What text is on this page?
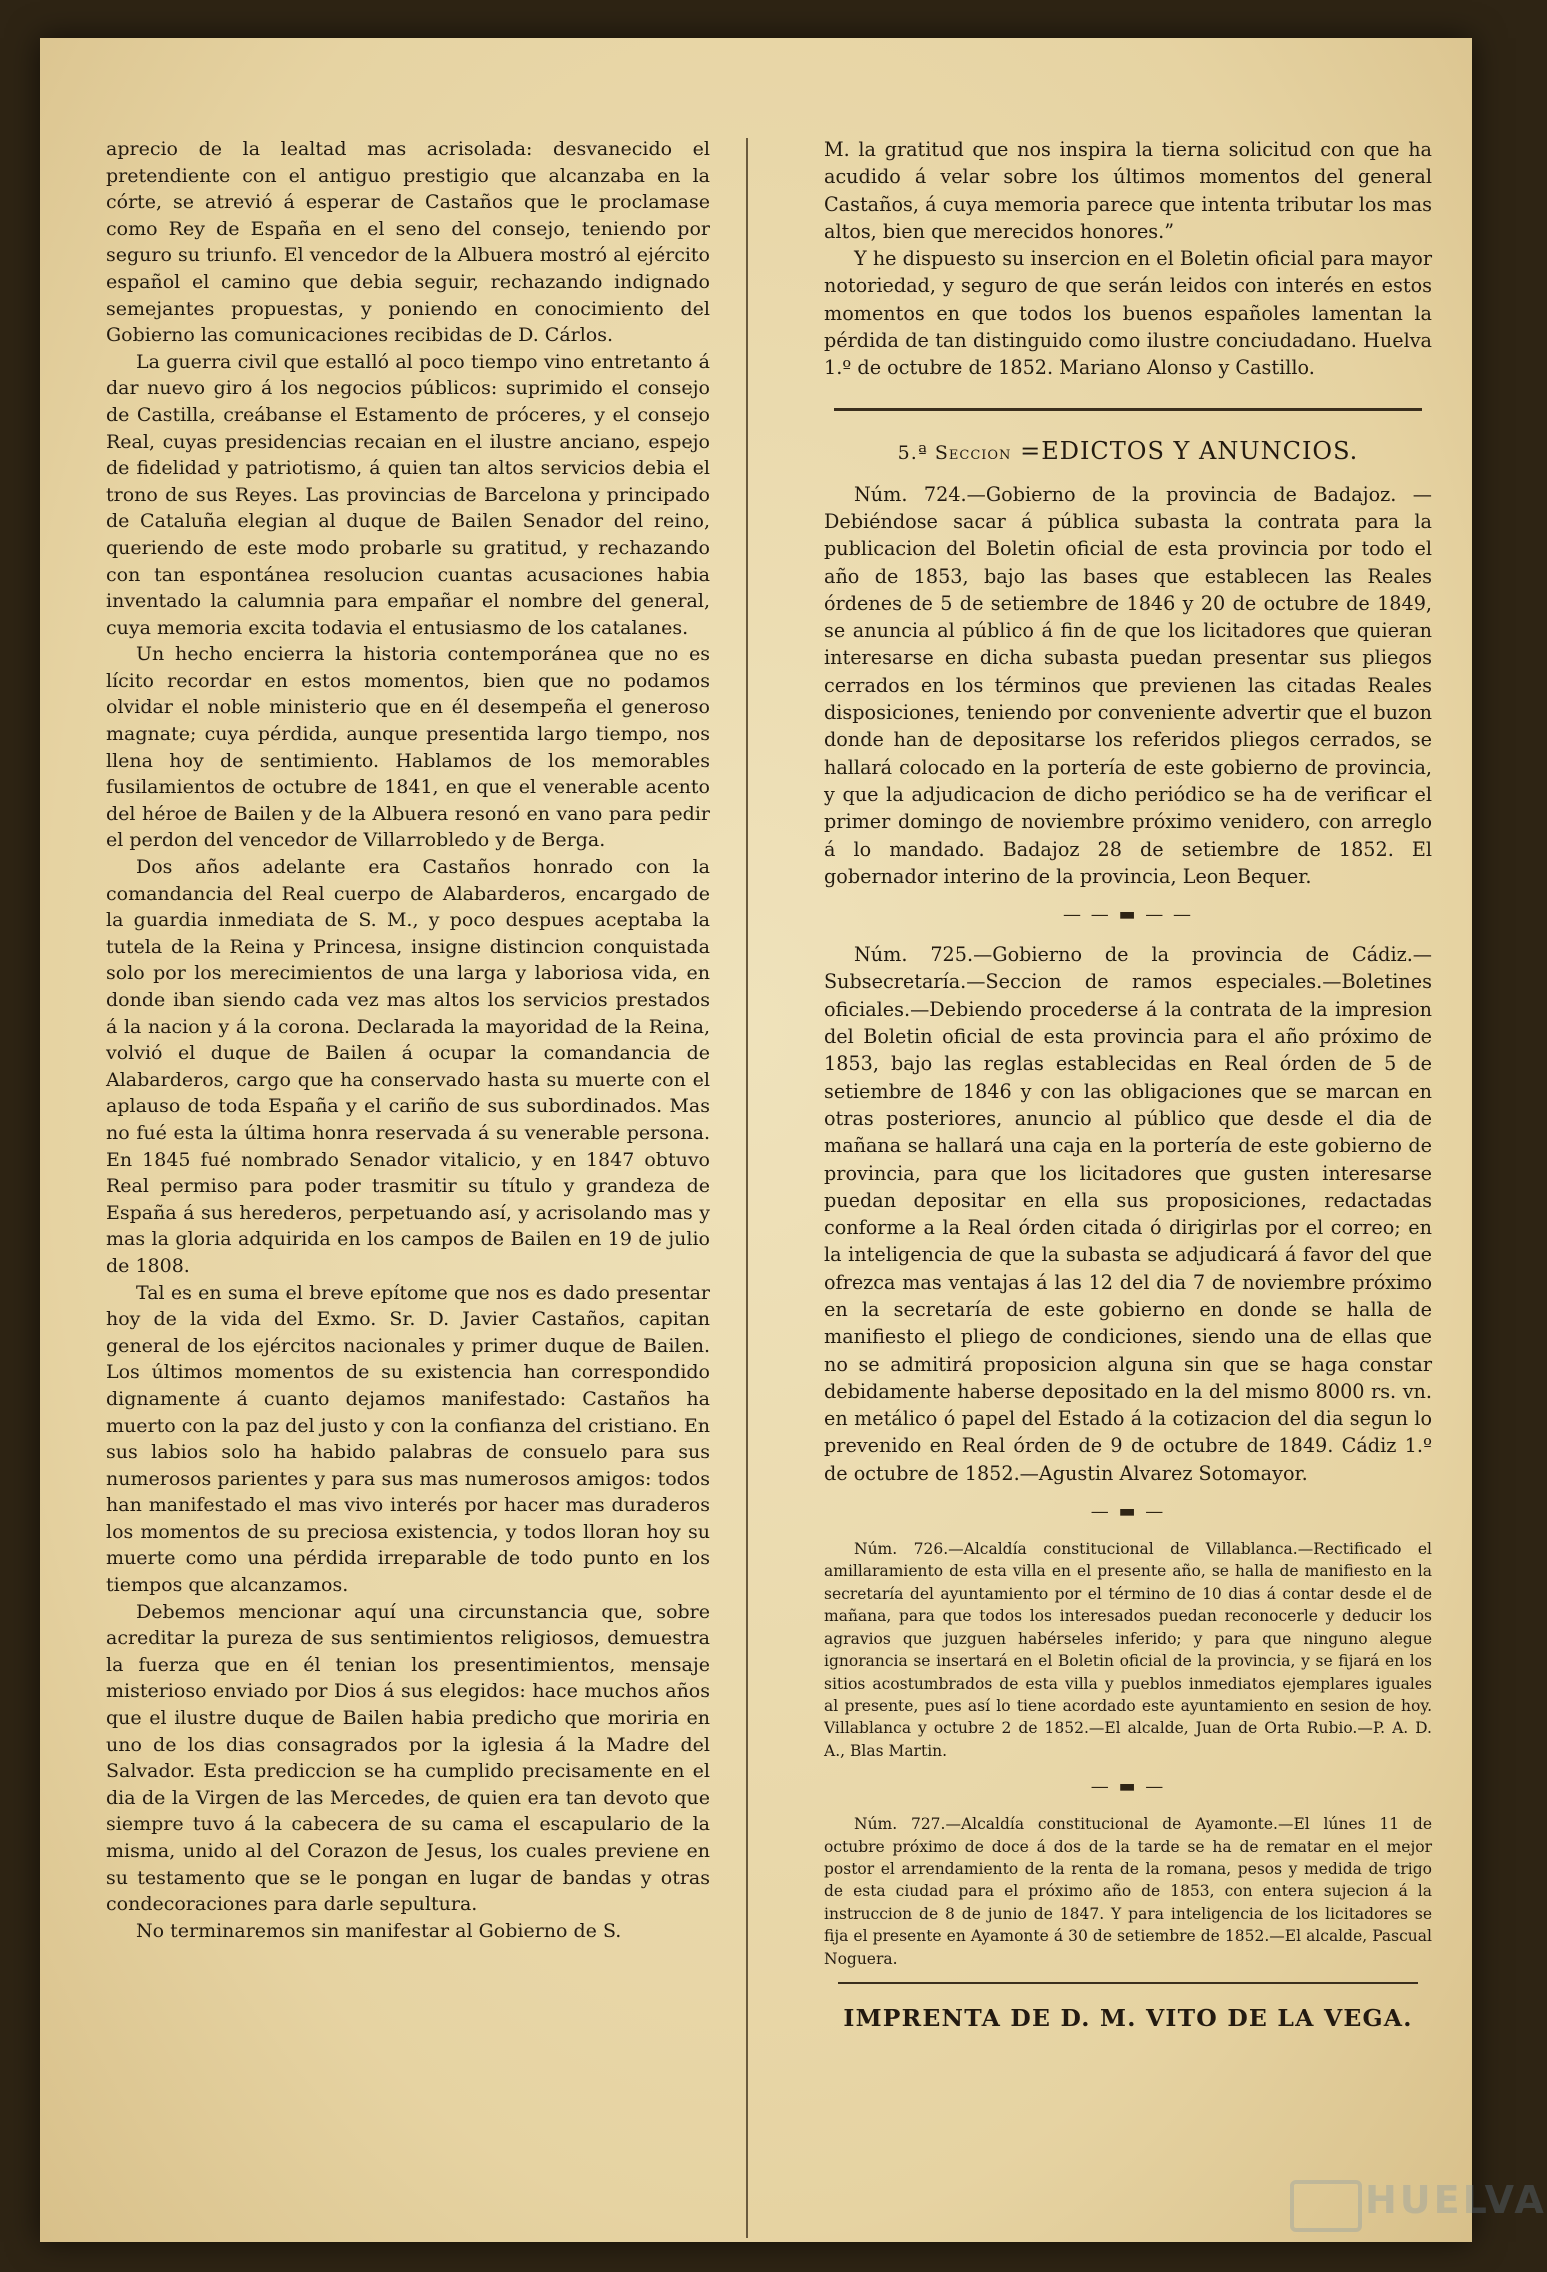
aprecio de la lealtad mas acrisolada: desvanecido el pretendiente con el antiguo prestigio que alcanzaba en la córte, se atrevió á esperar de Castaños que le proclamase como Rey de España en el seno del consejo, teniendo por seguro su triunfo. El vencedor de la Albuera mostró al ejército español el camino que debia seguir, rechazando indignado semejantes propuestas, y poniendo en conocimiento del Gobierno las comunicaciones recibidas de D. Cárlos.

La guerra civil que estalló al poco tiempo vino entretanto á dar nuevo giro á los negocios públicos: suprimido el consejo de Castilla, creábanse el Estamento de próceres, y el consejo Real, cuyas presidencias recaian en el ilustre anciano, espejo de fidelidad y patriotismo, á quien tan altos servicios debia el trono de sus Reyes. Las provincias de Barcelona y principado de Cataluña elegian al duque de Bailen Senador del reino, queriendo de este modo probarle su gratitud, y rechazando con tan espontánea resolucion cuantas acusaciones habia inventado la calumnia para empañar el nombre del general, cuya memoria excita todavia el entusiasmo de los catalanes.

Un hecho encierra la historia contemporánea que no es lícito recordar en estos momentos, bien que no podamos olvidar el noble ministerio que en él desempeña el generoso magnate; cuya pérdida, aunque presentida largo tiempo, nos llena hoy de sentimiento. Hablamos de los memorables fusilamientos de octubre de 1841, en que el venerable acento del héroe de Bailen y de la Albuera resonó en vano para pedir el perdon del vencedor de Villarrobledo y de Berga.

Dos años adelante era Castaños honrado con la comandancia del Real cuerpo de Alabarderos, encargado de la guardia inmediata de S. M., y poco despues aceptaba la tutela de la Reina y Princesa, insigne distincion conquistada solo por los merecimientos de una larga y laboriosa vida, en donde iban siendo cada vez mas altos los servicios prestados á la nacion y á la corona. Declarada la mayoridad de la Reina, volvió el duque de Bailen á ocupar la comandancia de Alabarderos, cargo que ha conservado hasta su muerte con el aplauso de toda España y el cariño de sus subordinados. Mas no fué esta la última honra reservada á su venerable persona. En 1845 fué nombrado Senador vitalicio, y en 1847 obtuvo Real permiso para poder trasmitir su título y grandeza de España á sus herederos, perpetuando así, y acrisolando mas y mas la gloria adquirida en los campos de Bailen en 19 de julio de 1808.

Tal es en suma el breve epítome que nos es dado presentar hoy de la vida del Exmo. Sr. D. Javier Castaños, capitan general de los ejércitos nacionales y primer duque de Bailen. Los últimos momentos de su existencia han correspondido dignamente á cuanto dejamos manifestado: Castaños ha muerto con la paz del justo y con la confianza del cristiano. En sus labios solo ha habido palabras de consuelo para sus numerosos parientes y para sus mas numerosos amigos: todos han manifestado el mas vivo interés por hacer mas duraderos los momentos de su preciosa existencia, y todos lloran hoy su muerte como una pérdida irreparable de todo punto en los tiempos que alcanzamos.

Debemos mencionar aquí una circunstancia que, sobre acreditar la pureza de sus sentimientos religiosos, demuestra la fuerza que en él tenian los presentimientos, mensaje misterioso enviado por Dios á sus elegidos: hace muchos años que el ilustre duque de Bailen habia predicho que moriria en uno de los dias consagrados por la iglesia á la Madre del Salvador. Esta prediccion se ha cumplido precisamente en el dia de la Virgen de las Mercedes, de quien era tan devoto que siempre tuvo á la cabecera de su cama el escapulario de la misma, unido al del Corazon de Jesus, los cuales previene en su testamento que se le pongan en lugar de bandas y otras condecoraciones para darle sepultura.

No terminaremos sin manifestar al Gobierno de S.

M. la gratitud que nos inspira la tierna solicitud con que ha acudido á velar sobre los últimos momentos del general Castaños, á cuya memoria parece que intenta tributar los mas altos, bien que merecidos honores.”

Y he dispuesto su insercion en el Boletin oficial para mayor notoriedad, y seguro de que serán leidos con interés en estos momentos en que todos los buenos españoles lamentan la pérdida de tan distinguido como ilustre conciudadano. Huelva 1.º de octubre de 1852. Mariano Alonso y Castillo.

5.ª Seccion =EDICTOS Y ANUNCIOS.

Núm. 724.—Gobierno de la provincia de Badajoz. —Debiéndose sacar á pública subasta la contrata para la publicacion del Boletin oficial de esta provincia por todo el año de 1853, bajo las bases que establecen las Reales órdenes de 5 de setiembre de 1846 y 20 de octubre de 1849, se anuncia al público á fin de que los licitadores que quieran interesarse en dicha subasta puedan presentar sus pliegos cerrados en los términos que previenen las citadas Reales disposiciones, teniendo por conveniente advertir que el buzon donde han de depositarse los referidos pliegos cerrados, se hallará colocado en la portería de este gobierno de provincia, y que la adjudicacion de dicho periódico se ha de verificar el primer domingo de noviembre próximo venidero, con arreglo á lo mandado. Badajoz 28 de setiembre de 1852. El gobernador interino de la provincia, Leon Bequer.

— — ▬ — —

Núm. 725.—Gobierno de la provincia de Cádiz.— Subsecretaría.—Seccion de ramos especiales.—Boletines oficiales.—Debiendo procederse á la contrata de la impresion del Boletin oficial de esta provincia para el año próximo de 1853, bajo las reglas establecidas en Real órden de 5 de setiembre de 1846 y con las obligaciones que se marcan en otras posteriores, anuncio al público que desde el dia de mañana se hallará una caja en la portería de este gobierno de provincia, para que los licitadores que gusten interesarse puedan depositar en ella sus proposiciones, redactadas conforme a la Real órden citada ó dirigirlas por el correo; en la inteligencia de que la subasta se adjudicará á favor del que ofrezca mas ventajas á las 12 del dia 7 de noviembre próximo en la secretaría de este gobierno en donde se halla de manifiesto el pliego de condiciones, siendo una de ellas que no se admitirá proposicion alguna sin que se haga constar debidamente haberse depositado en la del mismo 8000 rs. vn. en metálico ó papel del Estado á la cotizacion del dia segun lo prevenido en Real órden de 9 de octubre de 1849. Cádiz 1.º de octubre de 1852.—Agustin Alvarez Sotomayor.

— ▬ —

Núm. 726.—Alcaldía constitucional de Villablanca.—Rectificado el amillaramiento de esta villa en el presente año, se halla de manifiesto en la secretaría del ayuntamiento por el término de 10 dias á contar desde el de mañana, para que todos los interesados puedan reconocerle y deducir los agravios que juzguen habérseles inferido; y para que ninguno alegue ignorancia se insertará en el Boletin oficial de la provincia, y se fijará en los sitios acostumbrados de esta villa y pueblos inmediatos ejemplares iguales al presente, pues así lo tiene acordado este ayuntamiento en sesion de hoy. Villablanca y octubre 2 de 1852.—El alcalde, Juan de Orta Rubio.—P. A. D. A., Blas Martin.

— ▬ —

Núm. 727.—Alcaldía constitucional de Ayamonte.—El lúnes 11 de octubre próximo de doce á dos de la tarde se ha de rematar en el mejor postor el arrendamiento de la renta de la romana, pesos y medida de trigo de esta ciudad para el próximo año de 1853, con entera sujecion á la instruccion de 8 de junio de 1847. Y para inteligencia de los licitadores se fija el presente en Ayamonte á 30 de setiembre de 1852.—El alcalde, Pascual Noguera.

IMPRENTA DE D. M. VITO DE LA VEGA.
HUELVA
